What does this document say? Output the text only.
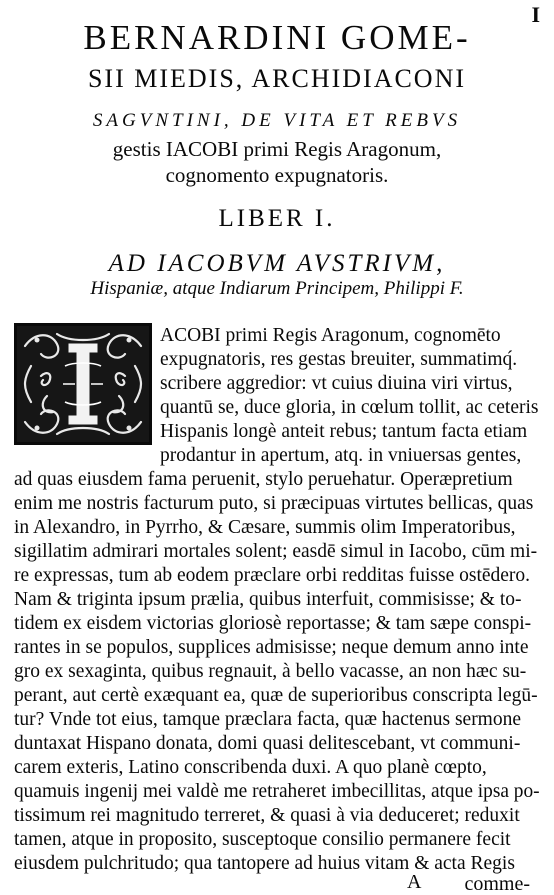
I
BERNARDINI GOME-
SII MIEDIS, ARCHIDIACONI
SAGVNTINI, DE VITA ET REBVS
gestis IACOBI primi Regis Aragonum,
cognomento expugnatoris.
LIBER I.
AD IACOBVM AVSTRIVM,
Hispaniæ, atque Indiarum Principem, Philippi F.
ACOBI primi Regis Aragonum, cognomēto
expugnatoris, res gestas breuiter, summatimq́.
scribere aggredior: vt cuius diuina viri virtus,
quantū se, duce gloria, in cœlum tollit, ac ceteris
Hispanis longè anteit rebus; tantum facta etiam
prodantur in apertum, atq. in vniuersas gentes,
ad quas eiusdem fama peruenit, stylo peruehatur. Operæpretium
enim me nostris facturum puto, si præcipuas virtutes bellicas, quas
in Alexandro, in Pyrrho, & Cæsare, summis olim Imperatoribus,
sigillatim admirari mortales solent; easdē simul in Iacobo, cūm mi-
re expressas, tum ab eodem præclare orbi redditas fuisse ostēdero.
Nam & triginta ipsum prælia, quibus interfuit, commisisse; & to-
tidem ex eisdem victorias gloriosè reportasse; & tam sæpe conspi-
rantes in se populos, supplices admisisse; neque demum anno inte
gro ex sexaginta, quibus regnauit, à bello vacasse, an non hæc su-
perant, aut certè exæquant ea, quæ de superioribus conscripta legū-
tur? Vnde tot eius, tamque præclara facta, quæ hactenus sermone
duntaxat Hispano donata, domi quasi delitescebant, vt communi-
carem exteris, Latino conscribenda duxi. A quo planè cœpto,
quamuis ingenij mei valdè me retraheret imbecillitas, atque ipsa po-
tissimum rei magnitudo terreret, & quasi à via deduceret; reduxit
tamen, atque in proposito, susceptoque consilio permanere fecit
eiusdem pulchritudo; qua tantopere ad huius vitam & acta Regis
A comme-
